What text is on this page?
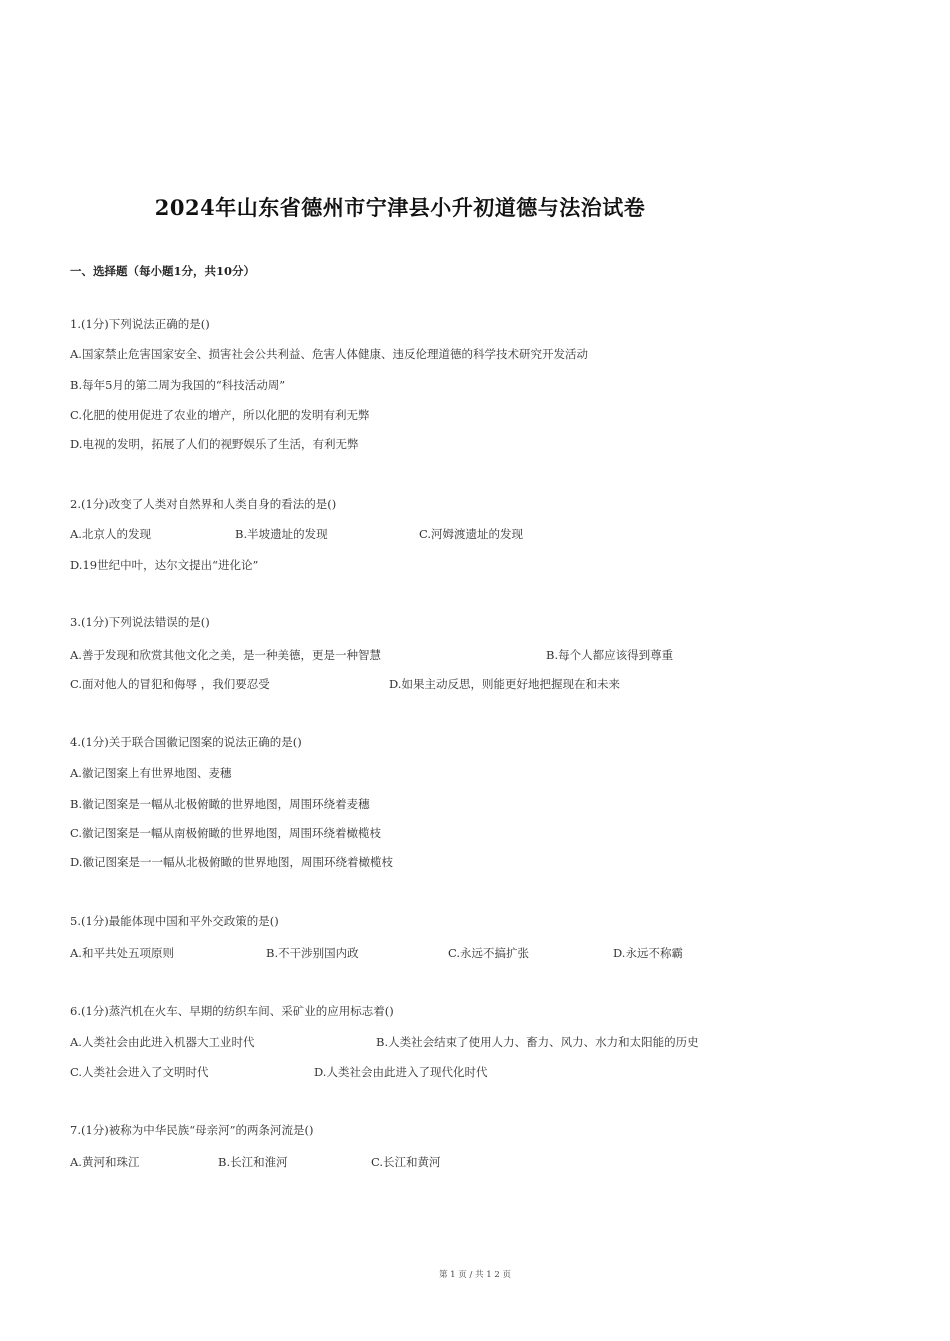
2024年山东省德州市宁津县小升初道德与法治试卷
一、选择题（每小题1分，共10分）
1.(1分)下列说法正确的是()
A.国家禁止危害国家安全、损害社会公共利益、危害人体健康、违反伦理道德的科学技术研究开发活动
B.每年5月的第二周为我国的“科技活动周”
C.化肥的使用促进了农业的增产，所以化肥的发明有利无弊
D.电视的发明，拓展了人们的视野娱乐了生活，有利无弊
2.(1分)改变了人类对自然界和人类自身的看法的是()
A.北京人的发现	B.半坡遗址的发现	C.河姆渡遗址的发现
D.19世纪中叶，达尔文提出“进化论”
3.(1分)下列说法错误的是()
A.善于发现和欣赏其他文化之美，是一种美德，更是一种智慧	B.每个人都应该得到尊重
C.面对他人的冒犯和侮辱 ，我们要忍受	D.如果主动反思，则能更好地把握现在和未来
4.(1分)关于联合国徽记图案的说法正确的是()
A.徽记图案上有世界地图、麦穗
B.徽记图案是一幅从北极俯瞰的世界地图，周围环绕着麦穗
C.徽记图案是一幅从南极俯瞰的世界地图，周围环绕着橄榄枝
D.徽记图案是一一幅从北极俯瞰的世界地图，周围环绕着橄榄枝
5.(1分)最能体现中国和平外交政策的是()
A.和平共处五项原则	B.不干涉别国内政	C.永远不搞扩张	D.永远不称霸
6.(1分)蒸汽机在火车、早期的纺织车间、采矿业的应用标志着()
A.人类社会由此进入机器大工业时代	B.人类社会结束了使用人力、畜力、风力、水力和太阳能的历史
C.人类社会进入了文明时代	D.人类社会由此进入了现代化时代
7.(1分)被称为中华民族“母亲河”的两条河流是()
A.黄河和珠江	B.长江和淮河	C.长江和黄河
第 1 页 / 共 1 2 页
